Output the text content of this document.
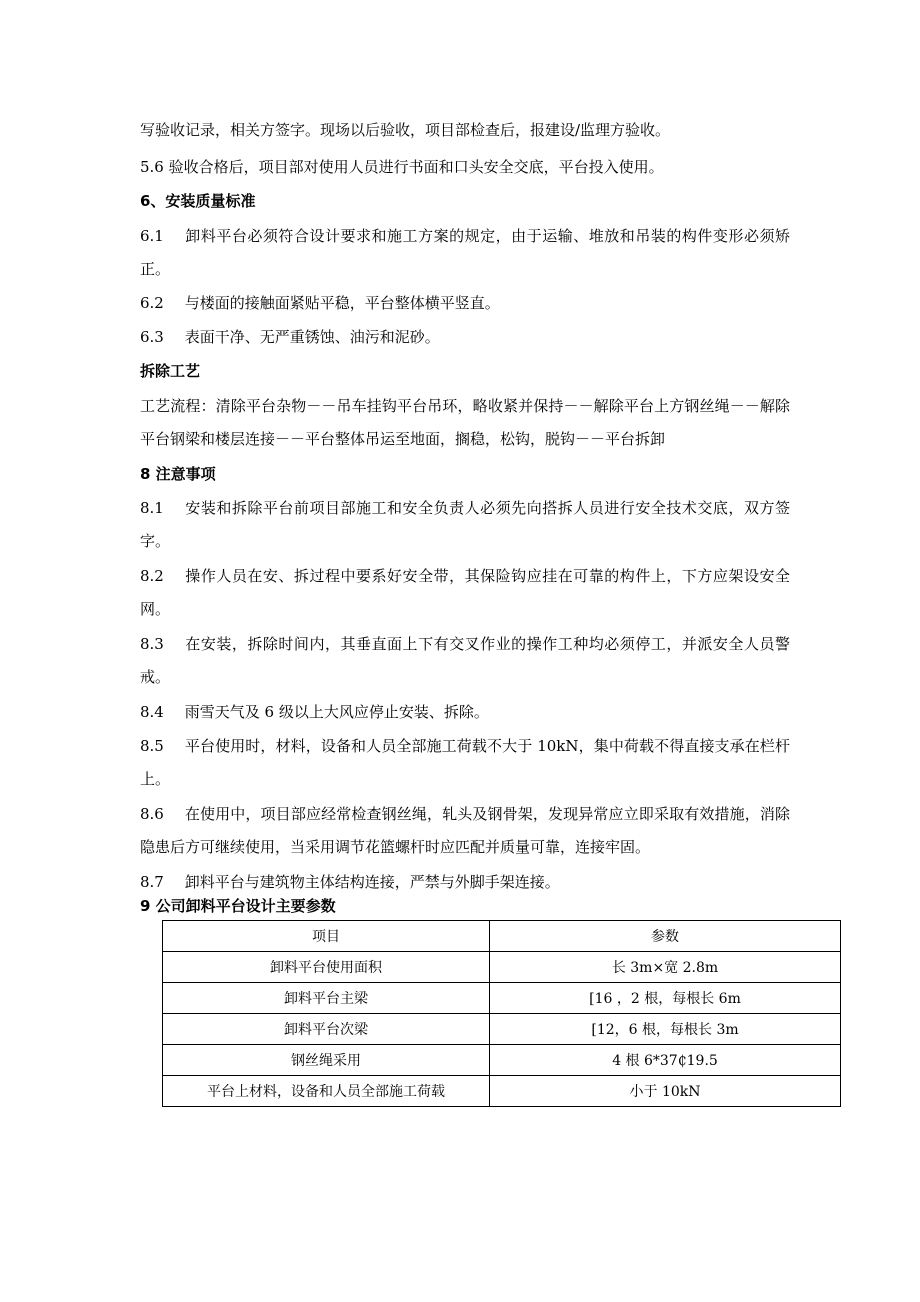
写验收记录，相关方签字。现场以后验收，项目部检查后，报建设/监理方验收。

5.6 验收合格后，项目部对使用人员进行书面和口头安全交底，平台投入使用。

6、安装质量标准

6.1 卸料平台必须符合设计要求和施工方案的规定，由于运输、堆放和吊装的构件变形必须矫正。

6.2 与楼面的接触面紧贴平稳，平台整体横平竖直。

6.3 表面干净、无严重锈蚀、油污和泥砂。

拆除工艺

工艺流程：清除平台杂物－－吊车挂钩平台吊环，略收紧并保持－－解除平台上方钢丝绳－－解除平台钢梁和楼层连接－－平台整体吊运至地面，搁稳，松钩，脱钩－－平台拆卸

8 注意事项

8.1 安装和拆除平台前项目部施工和安全负责人必须先向搭拆人员进行安全技术交底，双方签字。

8.2 操作人员在安、拆过程中要系好安全带，其保险钩应挂在可靠的构件上，下方应架设安全网。

8.3 在安装，拆除时间内，其垂直面上下有交叉作业的操作工种均必须停工，并派安全人员警戒。

8.4 雨雪天气及 6 级以上大风应停止安装、拆除。

8.5 平台使用时，材料，设备和人员全部施工荷载不大于 10kN，集中荷载不得直接支承在栏杆上。

8.6 在使用中，项目部应经常检查钢丝绳，轧头及钢骨架，发现异常应立即采取有效措施，消除隐患后方可继续使用，当采用调节花篮螺杆时应匹配并质量可靠，连接牢固。

8.7 卸料平台与建筑物主体结构连接，严禁与外脚手架连接。

9 公司卸料平台设计主要参数

项目	参数
卸料平台使用面积	长 3m×宽 2.8m
卸料平台主梁	[16 ，2 根，每根长 6m
卸料平台次梁	[12，6 根，每根长 3m
钢丝绳采用	4 根 6*37₵19.5
平台上材料，设备和人员全部施工荷载	小于 10kN
